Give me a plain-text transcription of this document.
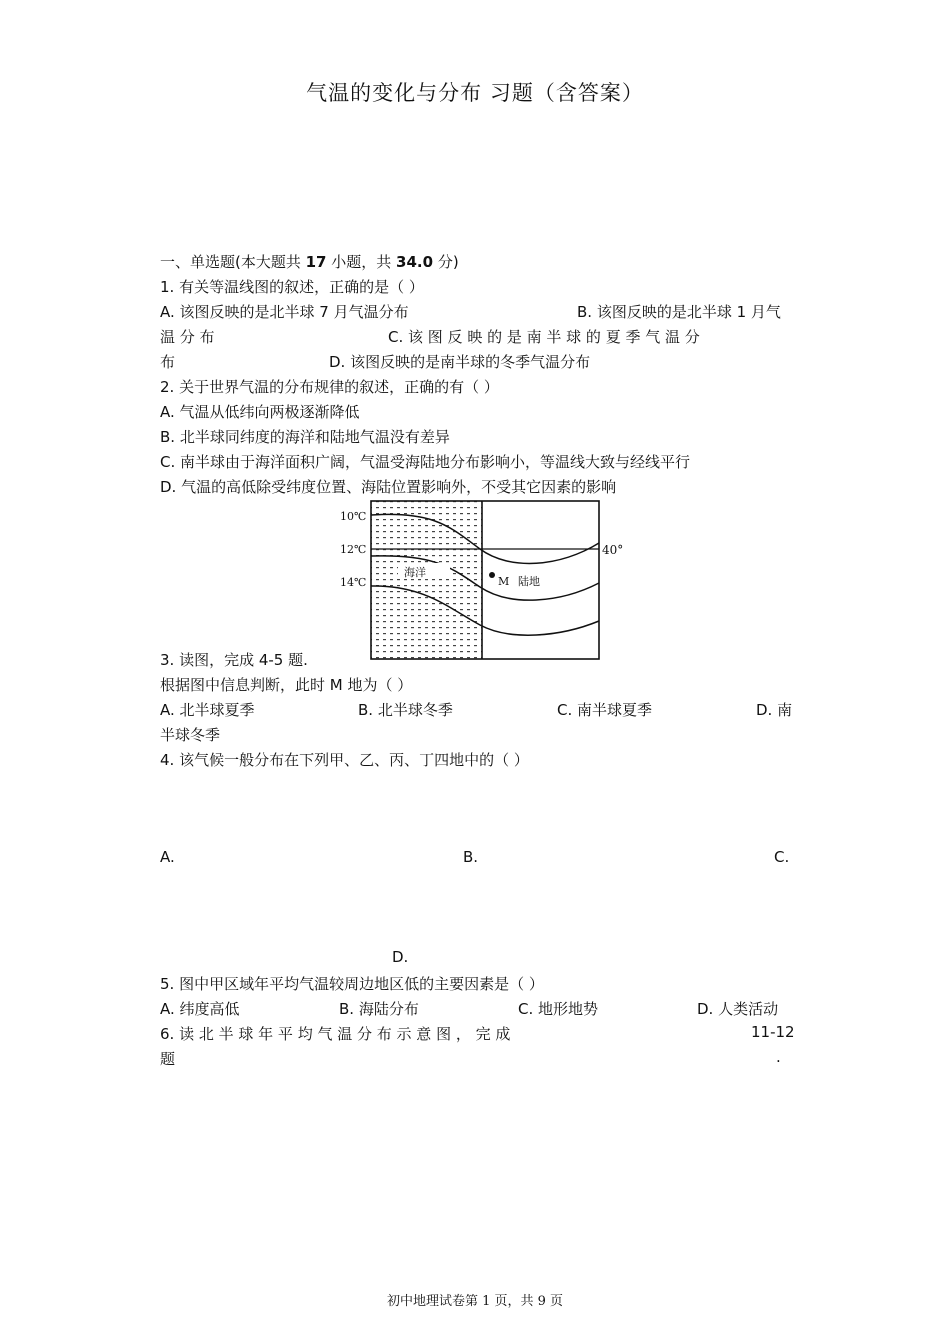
气温的变化与分布 习题（含答案）
一、单选题(本大题共 17 小题，共 34.0 分)
1. 有关等温线图的叙述，正确的是（ ）
A. 该图反映的是北半球 7 月气温分布	B. 该图反映的是北半球 1 月气
温 分 布	C. 该 图 反 映 的 是 南 半 球 的 夏 季 气 温 分
布	D. 该图反映的是南半球的冬季气温分布
2. 关于世界气温的分布规律的叙述，正确的有（ ）
A. 气温从低纬向两极逐渐降低
B. 北半球同纬度的海洋和陆地气温没有差异
C. 南半球由于海洋面积广阔，气温受海陆地分布影响小，等温线大致与经线平行
D. 气温的高低除受纬度位置、海陆位置影响外，不受其它因素的影响
10℃
12℃
14℃
40°
海洋
M 陆地
3. 读图，完成 4-5 题.
根据图中信息判断，此时 M 地为（ ）
A. 北半球夏季	B. 北半球冬季	C. 南半球夏季	D. 南
半球冬季
4. 该气候一般分布在下列甲、乙、丙、丁四地中的（ ）
A.	B.	C.
D.
5. 图中甲区域年平均气温较周边地区低的主要因素是（ ）
A. 纬度高低	B. 海陆分布	C. 地形地势	D. 人类活动
6. 读 北 半 球 年 平 均 气 温 分 布 示 意 图 ， 完 成	11-12
题	.
初中地理试卷第 1 页，共 9 页
